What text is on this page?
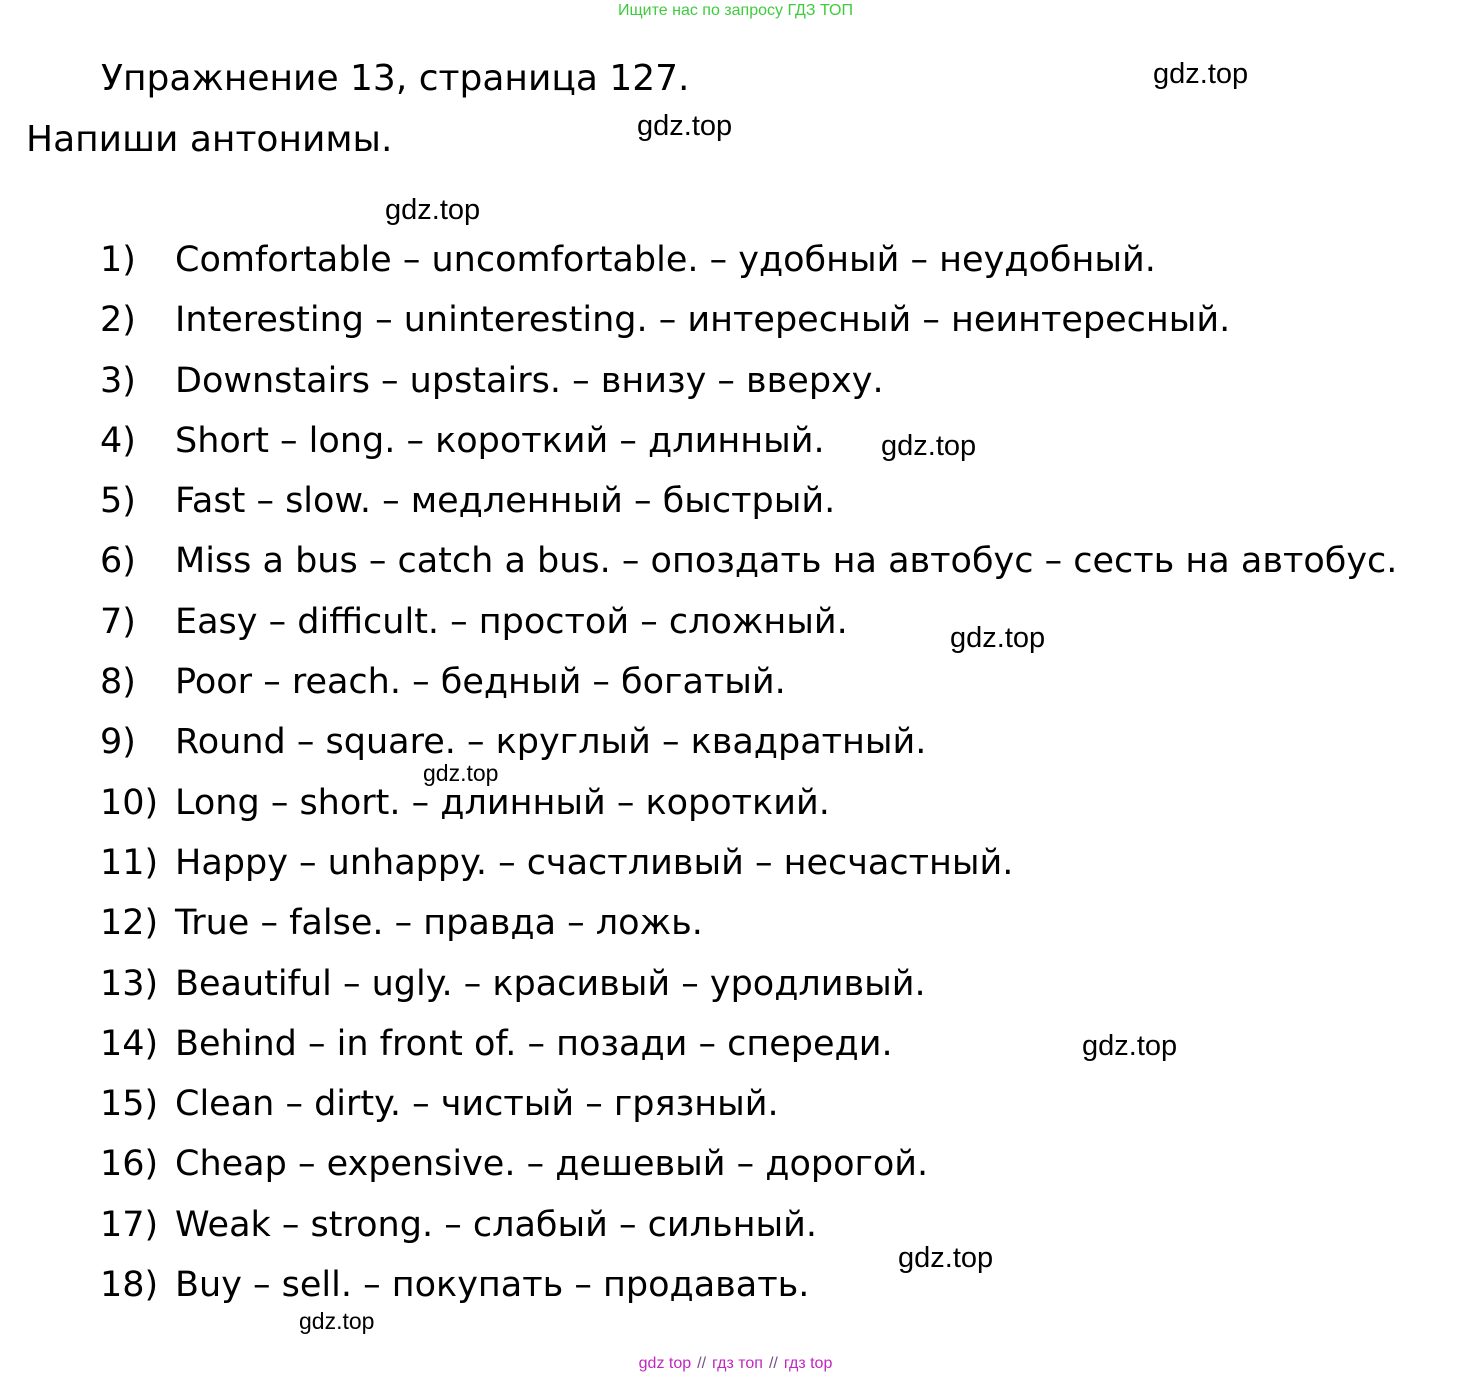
Ищите нас по запросу ГДЗ ТОП
Упражнение 13, страница 127.
Напиши антонимы.
1) Comfortable – uncomfortable. – удобный – неудобный.
2) Interesting – uninteresting. – интересный – неинтересный.
3) Downstairs – upstairs. – внизу – вверху.
4) Short – long. – короткий – длинный.
5) Fast – slow. – медленный – быстрый.
6) Miss a bus – catch a bus. – опоздать на автобус – сесть на автобус.
7) Easy – difficult. – простой – сложный.
8) Poor – reach. – бедный – богатый.
9) Round – square. – круглый – квадратный.
10) Long – short. – длинный – короткий.
11) Happy – unhappy. – счастливый – несчастный.
12) True – false. – правда – ложь.
13) Beautiful – ugly. – красивый – уродливый.
14) Behind – in front of. – позади – спереди.
15) Clean – dirty. – чистый – грязный.
16) Cheap – expensive. – дешевый – дорогой.
17) Weak – strong. – слабый – сильный.
18) Buy – sell. – покупать – продавать.
gdz.top
gdz.top
gdz.top
gdz.top
gdz.top
gdz.top
gdz.top
gdz.top
gdz.top
gdz top // гдз топ // гдз top
